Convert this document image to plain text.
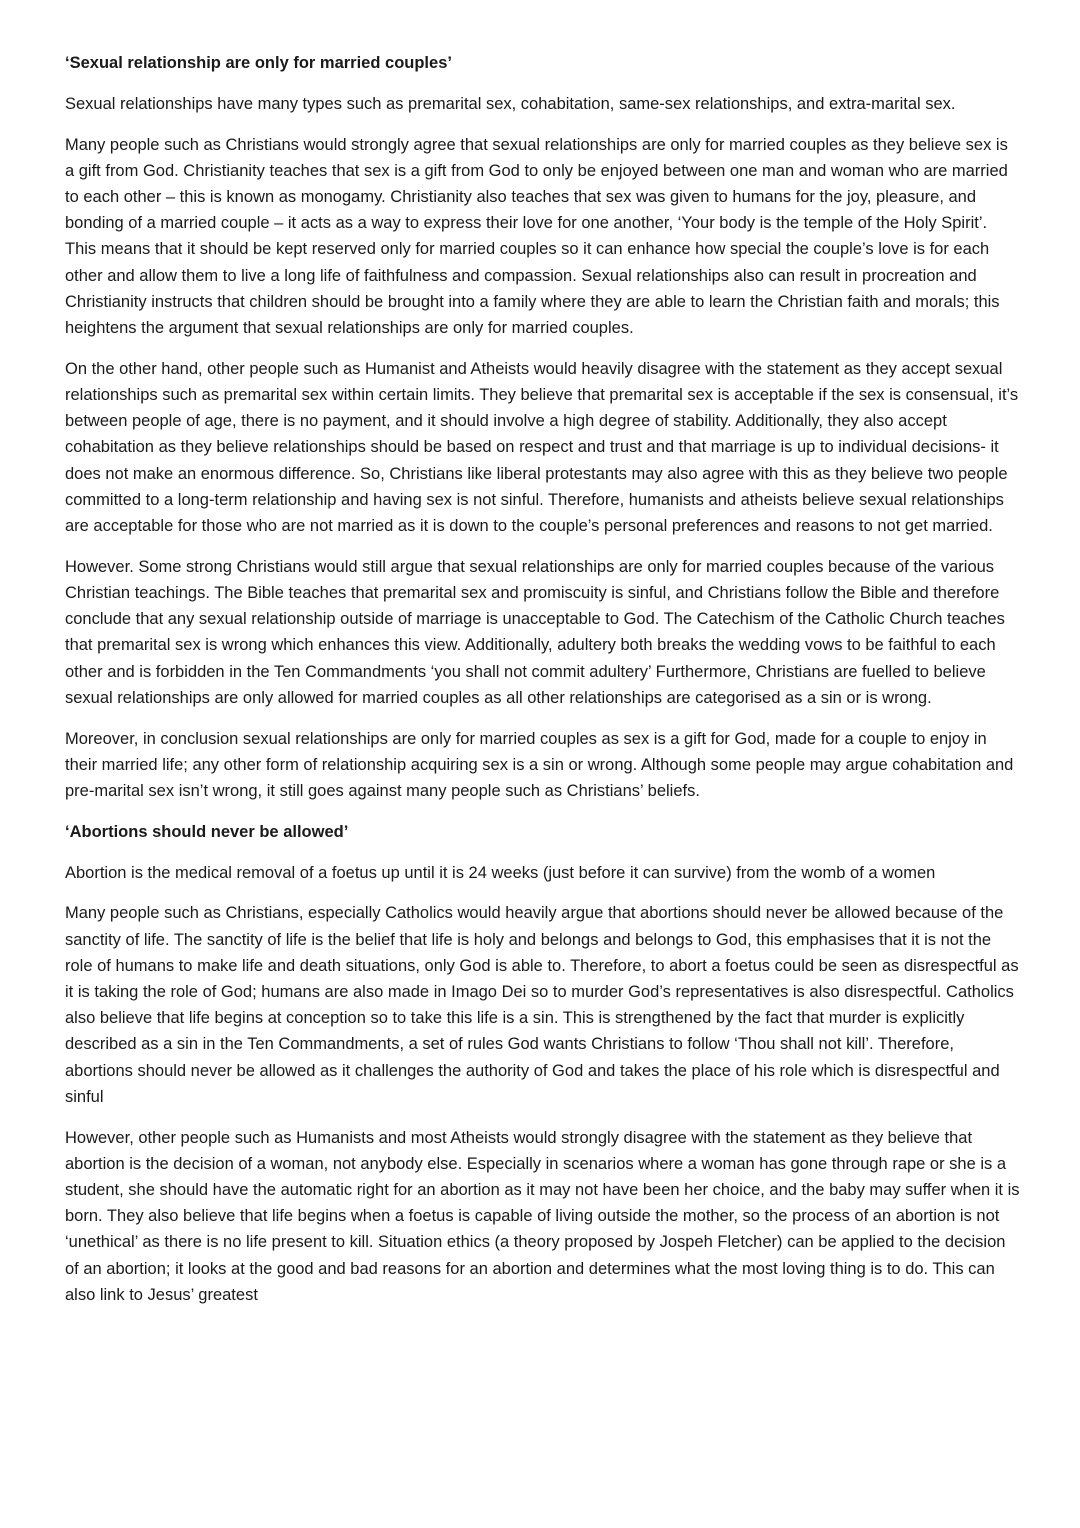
‘Sexual relationship are only for married couples’

Sexual relationships have many types such as premarital sex, cohabitation, same-sex relationships, and extra-marital sex.

Many people such as Christians would strongly agree that sexual relationships are only for married couples as they believe sex is a gift from God. Christianity teaches that sex is a gift from God to only be enjoyed between one man and woman who are married to each other – this is known as monogamy. Christianity also teaches that sex was given to humans for the joy, pleasure, and bonding of a married couple – it acts as a way to express their love for one another, ‘Your body is the temple of the Holy Spirit’. This means that it should be kept reserved only for married couples so it can enhance how special the couple’s love is for each other and allow them to live a long life of faithfulness and compassion. Sexual relationships also can result in procreation and Christianity instructs that children should be brought into a family where they are able to learn the Christian faith and morals; this heightens the argument that sexual relationships are only for married couples.

On the other hand, other people such as Humanist and Atheists would heavily disagree with the statement as they accept sexual relationships such as premarital sex within certain limits. They believe that premarital sex is acceptable if the sex is consensual, it’s between people of age, there is no payment, and it should involve a high degree of stability. Additionally, they also accept cohabitation as they believe relationships should be based on respect and trust and that marriage is up to individual decisions- it does not make an enormous difference. So, Christians like liberal protestants may also agree with this as they believe two people committed to a long-term relationship and having sex is not sinful. Therefore, humanists and atheists believe sexual relationships are acceptable for those who are not married as it is down to the couple’s personal preferences and reasons to not get married.

However. Some strong Christians would still argue that sexual relationships are only for married couples because of the various Christian teachings. The Bible teaches that premarital sex and promiscuity is sinful, and Christians follow the Bible and therefore conclude that any sexual relationship outside of marriage is unacceptable to God. The Catechism of the Catholic Church teaches that premarital sex is wrong which enhances this view. Additionally, adultery both breaks the wedding vows to be faithful to each other and is forbidden in the Ten Commandments ‘you shall not commit adultery’ Furthermore, Christians are fuelled to believe sexual relationships are only allowed for married couples as all other relationships are categorised as a sin or is wrong.

Moreover, in conclusion sexual relationships are only for married couples as sex is a gift for God, made for a couple to enjoy in their married life; any other form of relationship acquiring sex is a sin or wrong. Although some people may argue cohabitation and pre-marital sex isn’t wrong, it still goes against many people such as Christians’ beliefs.

‘Abortions should never be allowed’

Abortion is the medical removal of a foetus up until it is 24 weeks (just before it can survive) from the womb of a women

Many people such as Christians, especially Catholics would heavily argue that abortions should never be allowed because of the sanctity of life. The sanctity of life is the belief that life is holy and belongs and belongs to God, this emphasises that it is not the role of humans to make life and death situations, only God is able to. Therefore, to abort a foetus could be seen as disrespectful as it is taking the role of God; humans are also made in Imago Dei so to murder God’s representatives is also disrespectful. Catholics also believe that life begins at conception so to take this life is a sin. This is strengthened by the fact that murder is explicitly described as a sin in the Ten Commandments, a set of rules God wants Christians to follow ‘Thou shall not kill’. Therefore, abortions should never be allowed as it challenges the authority of God and takes the place of his role which is disrespectful and sinful

However, other people such as Humanists and most Atheists would strongly disagree with the statement as they believe that abortion is the decision of a woman, not anybody else. Especially in scenarios where a woman has gone through rape or she is a student, she should have the automatic right for an abortion as it may not have been her choice, and the baby may suffer when it is born. They also believe that life begins when a foetus is capable of living outside the mother, so the process of an abortion is not ‘unethical’ as there is no life present to kill. Situation ethics (a theory proposed by Jospeh Fletcher) can be applied to the decision of an abortion; it looks at the good and bad reasons for an abortion and determines what the most loving thing is to do. This can also link to Jesus’ greatest
